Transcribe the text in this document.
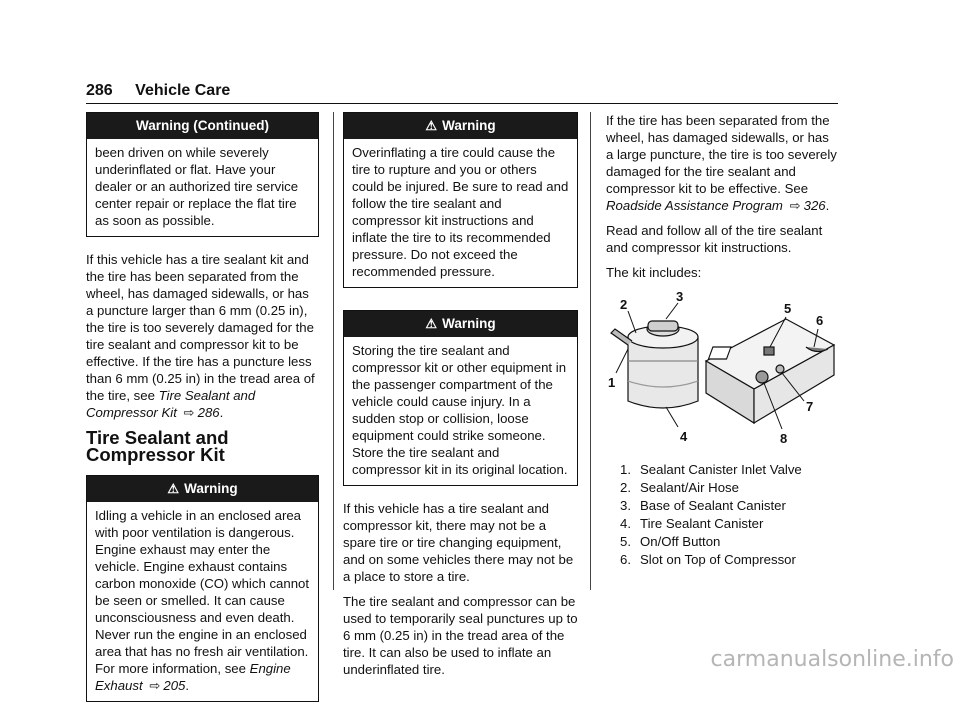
286 Vehicle Care
Warning (Continued)
been driven on while severely underinflated or flat. Have your dealer or an authorized tire service center repair or replace the flat tire as soon as possible.

If this vehicle has a tire sealant kit and the tire has been separated from the wheel, has damaged sidewalls, or has a puncture larger than 6 mm (0.25 in), the tire is too severely damaged for the tire sealant and compressor kit to be effective. If the tire has a puncture less than 6 mm (0.25 in) in the tread area of the tire, see Tire Sealant and Compressor Kit ⇨ 286.

Tire Sealant and Compressor Kit
⚠ Warning
Idling a vehicle in an enclosed area with poor ventilation is dangerous. Engine exhaust may enter the vehicle. Engine exhaust contains carbon monoxide (CO) which cannot be seen or smelled. It can cause unconsciousness and even death. Never run the engine in an enclosed area that has no fresh air ventilation. For more information, see Engine Exhaust ⇨ 205.
⚠ Warning
Overinflating a tire could cause the tire to rupture and you or others could be injured. Be sure to read and follow the tire sealant and compressor kit instructions and inflate the tire to its recommended pressure. Do not exceed the recommended pressure.
⚠ Warning
Storing the tire sealant and compressor kit or other equipment in the passenger compartment of the vehicle could cause injury. In a sudden stop or collision, loose equipment could strike someone. Store the tire sealant and compressor kit in its original location.

If this vehicle has a tire sealant and compressor kit, there may not be a spare tire or tire changing equipment, and on some vehicles there may not be a place to store a tire.

The tire sealant and compressor can be used to temporarily seal punctures up to 6 mm (0.25 in) in the tread area of the tire. It can also be used to inflate an underinflated tire.

If the tire has been separated from the wheel, has damaged sidewalls, or has a large puncture, the tire is too severely damaged for the tire sealant and compressor kit to be effective. See Roadside Assistance Program ⇨ 326.

Read and follow all of the tire sealant and compressor kit instructions.

The kit includes:

1
2
3
4
5
6
7
8
1. Sealant Canister Inlet Valve
2. Sealant/Air Hose
3. Base of Sealant Canister
4. Tire Sealant Canister
5. On/Off Button
6. Slot on Top of Compressor
carmanualsonline.info
